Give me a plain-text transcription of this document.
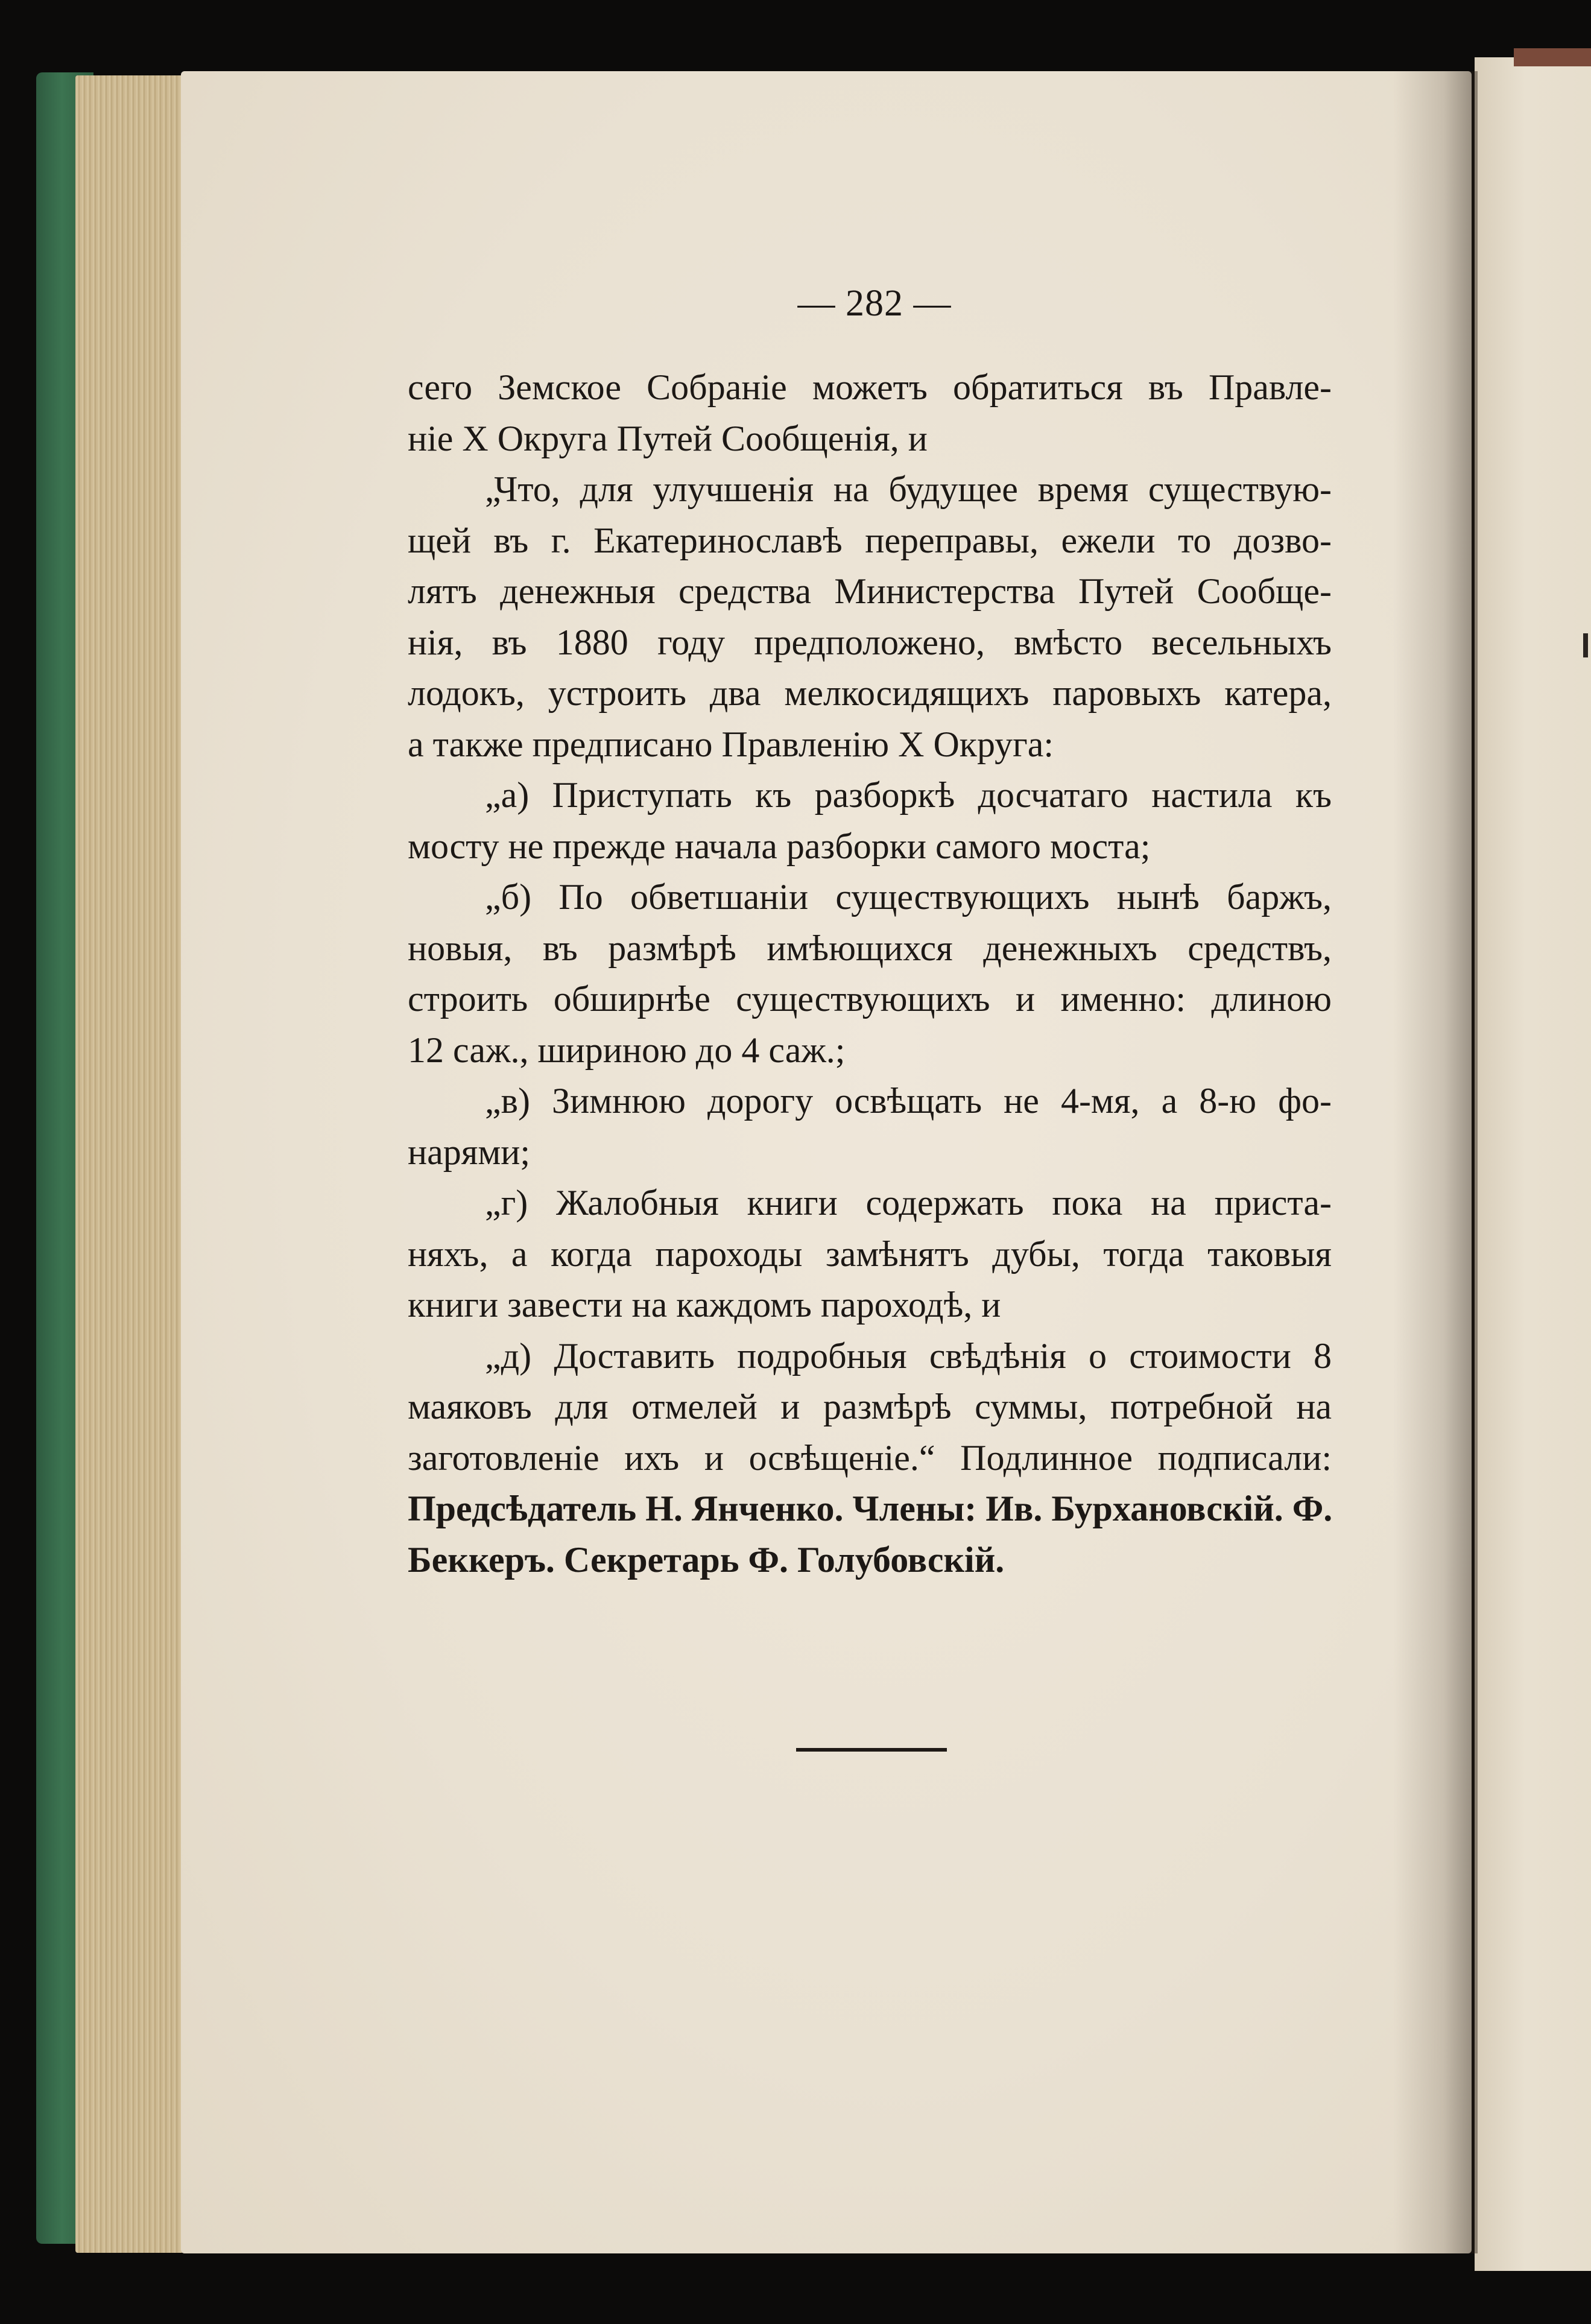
— 282 —
сего Земское Собраніе можетъ обратиться въ Правле-
ніе X Округа Путей Сообщенія, и
„Что, для улучшенія на будущее время существую-
щей въ г. Екатеринославѣ переправы, ежели то дозво-
лятъ денежныя средства Министерства Путей Сообще-
нія, въ 1880 году предположено, вмѣсто весельныхъ
лодокъ, устроить два мелкосидящихъ паровыхъ катера,
а также предписано Правленію X Округа:
„а) Приступать къ разборкѣ досчатаго настила къ
мосту не прежде начала разборки самого моста;
„б) По обветшаніи существующихъ нынѣ баржъ,
новыя, въ размѣрѣ имѣющихся денежныхъ средствъ,
строить обширнѣе существующихъ и именно: длиною
12 саж., шириною до 4 саж.;
„в) Зимнюю дорогу освѣщать не 4-мя, а 8-ю фо-
нарями;
„г) Жалобныя книги содержать пока на приста-
няхъ, а когда пароходы замѣнятъ дубы, тогда таковыя
книги завести на каждомъ пароходѣ, и
„д) Доставить подробныя свѣдѣнія о стоимости 8
маяковъ для отмелей и размѣрѣ суммы, потребной на
заготовленіе ихъ и освѣщеніе.“ Подлинное подписали:
Предсѣдатель Н. Янченко. Члены: Ив. Бурхановскій. Ф.
Беккеръ. Секретарь Ф. Голубовскій.
